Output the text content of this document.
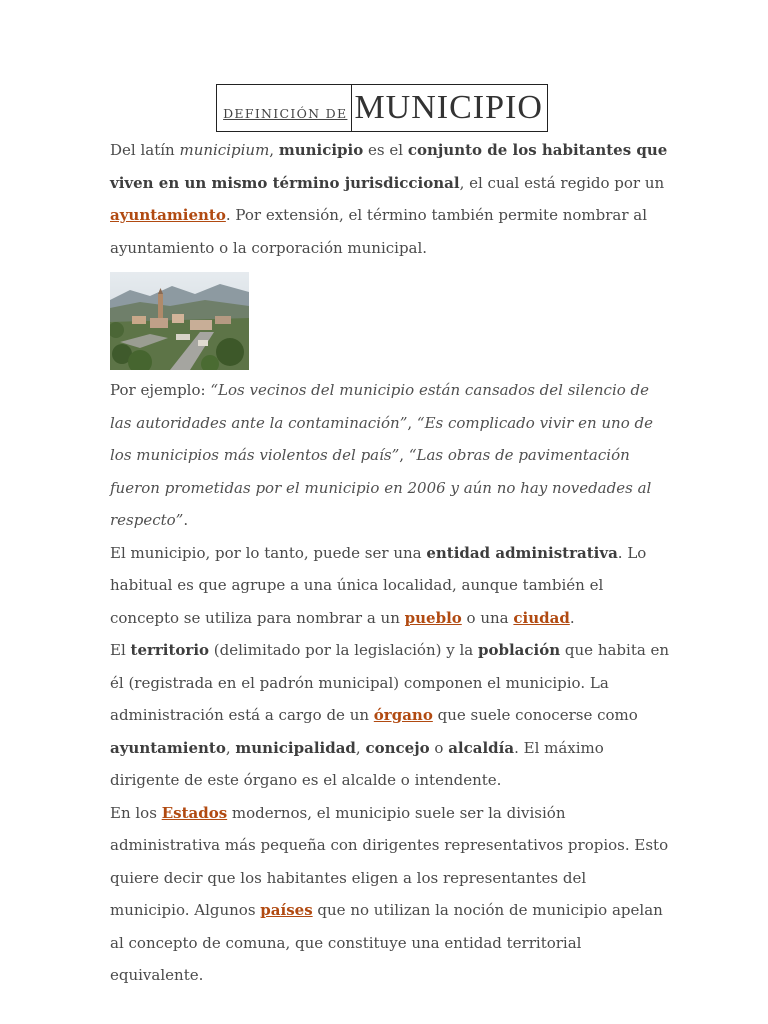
DEFINICIÓN DE MUNICIPIO

Del latín municipium, municipio es el conjunto de los habitantes que viven en un mismo término jurisdiccional, el cual está regido por un ayuntamiento. Por extensión, el término también permite nombrar al ayuntamiento o la corporación municipal.

Por ejemplo: “Los vecinos del municipio están cansados del silencio de las autoridades ante la contaminación”, “Es complicado vivir en uno de los municipios más violentos del país”, “Las obras de pavimentación fueron prometidas por el municipio en 2006 y aún no hay novedades al respecto”.

El municipio, por lo tanto, puede ser una entidad administrativa. Lo habitual es que agrupe a una única localidad, aunque también el concepto se utiliza para nombrar a un pueblo o una ciudad.

El territorio (delimitado por la legislación) y la población que habita en él (registrada en el padrón municipal) componen el municipio. La administración está a cargo de un órgano que suele conocerse como ayuntamiento, municipalidad, concejo o alcaldía. El máximo dirigente de este órgano es el alcalde o intendente.

En los Estados modernos, el municipio suele ser la división administrativa más pequeña con dirigentes representativos propios. Esto quiere decir que los habitantes eligen a los representantes del municipio. Algunos países que no utilizan la noción de municipio apelan al concepto de comuna, que constituye una entidad territorial equivalente.
